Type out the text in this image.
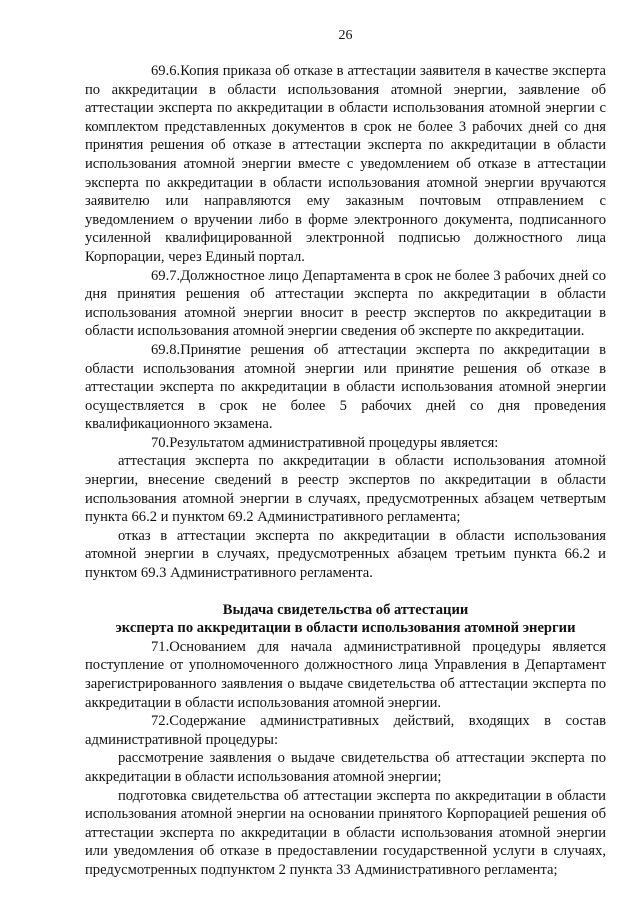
26

69.6.Копия приказа об отказе в аттестации заявителя в качестве эксперта по аккредитации в области использования атомной энергии, заявление об аттестации эксперта по аккредитации в области использования атомной энергии с комплектом представленных документов в срок не более 3 рабочих дней со дня принятия решения об отказе в аттестации эксперта по аккредитации в области использования атомной энергии вместе с уведомлением об отказе в аттестации эксперта по аккредитации в области использования атомной энергии вручаются заявителю или направляются ему заказным почтовым отправлением с уведомлением о вручении либо в форме электронного документа, подписанного усиленной квалифицированной электронной подписью должностного лица Корпорации, через Единый портал.

69.7.Должностное лицо Департамента в срок не более 3 рабочих дней со дня принятия решения об аттестации эксперта по аккредитации в области использования атомной энергии вносит в реестр экспертов по аккредитации в области использования атомной энергии сведения об эксперте по аккредитации.

69.8.Принятие решения об аттестации эксперта по аккредитации в области использования атомной энергии или принятие решения об отказе в аттестации эксперта по аккредитации в области использования атомной энергии осуществляется в срок не более 5 рабочих дней со дня проведения квалификационного экзамена.

70.Результатом административной процедуры является:

аттестация эксперта по аккредитации в области использования атомной энергии, внесение сведений в реестр экспертов по аккредитации в области использования атомной энергии в случаях, предусмотренных абзацем четвертым пункта 66.2 и пунктом 69.2 Административного регламента;

отказ в аттестации эксперта по аккредитации в области использования атомной энергии в случаях, предусмотренных абзацем третьим пункта 66.2 и пунктом 69.3 Административного регламента.

Выдача свидетельства об аттестации
эксперта по аккредитации в области использования атомной энергии

71.Основанием для начала административной процедуры является поступление от уполномоченного должностного лица Управления в Департамент зарегистрированного заявления о выдаче свидетельства об аттестации эксперта по аккредитации в области использования атомной энергии.

72.Содержание административных действий, входящих в состав административной процедуры:

рассмотрение заявления о выдаче свидетельства об аттестации эксперта по аккредитации в области использования атомной энергии;

подготовка свидетельства об аттестации эксперта по аккредитации в области использования атомной энергии на основании принятого Корпорацией решения об аттестации эксперта по аккредитации в области использования атомной энергии или уведомления об отказе в предоставлении государственной услуги в случаях, предусмотренных подпунктом 2 пункта 33 Административного регламента;
